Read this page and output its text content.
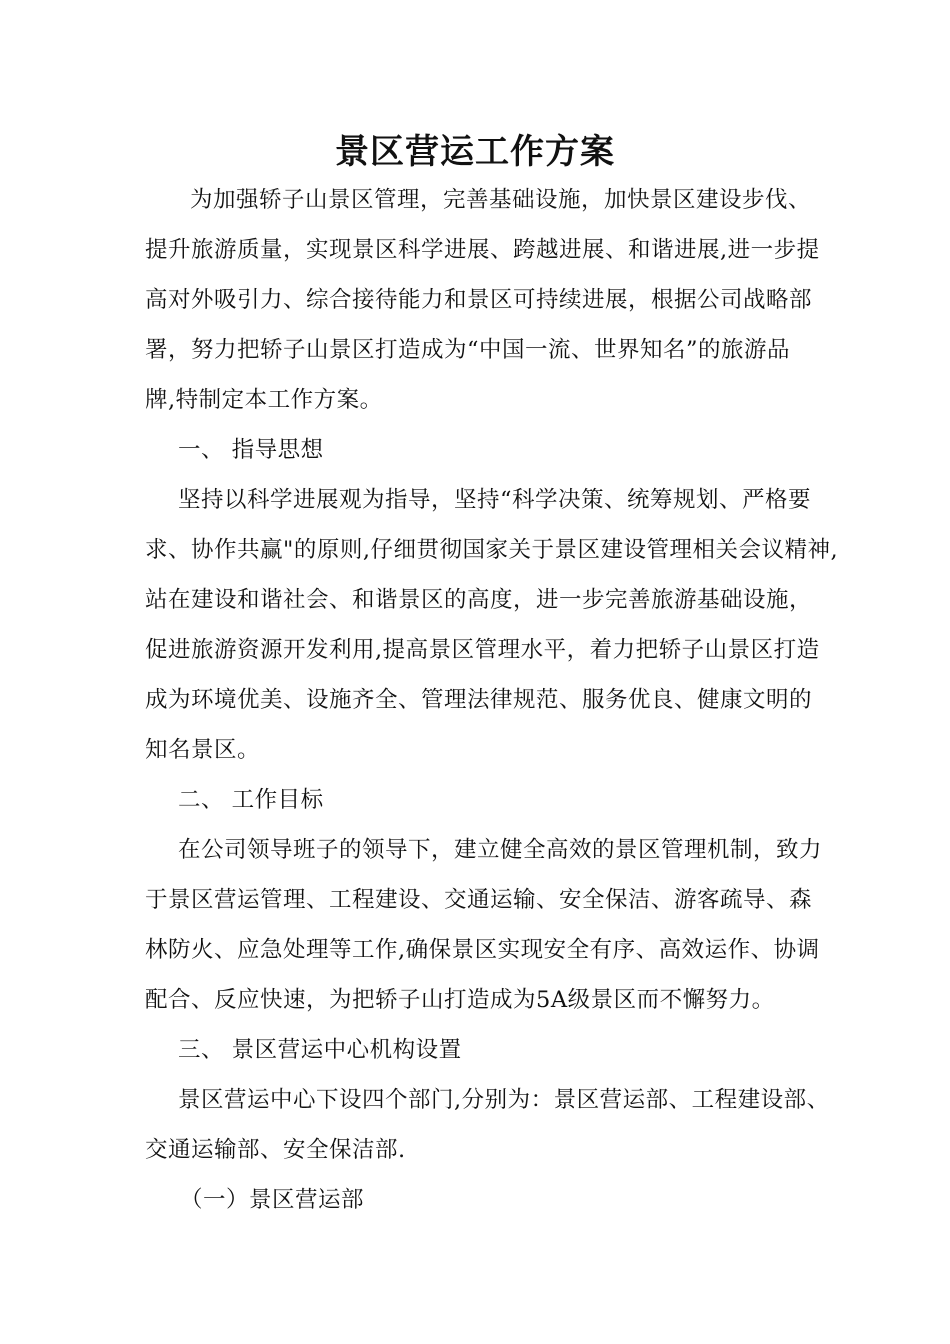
景区营运工作方案
为加强轿子山景区管理，完善基础设施，加快景区建设步伐、
提升旅游质量，实现景区科学进展、跨越进展、和谐进展,进一步提
高对外吸引力、综合接待能力和景区可持续进展，根据公司战略部
署，努力把轿子山景区打造成为“中国一流、世界知名”的旅游品
牌,特制定本工作方案。
一、 指导思想
坚持以科学进展观为指导，坚持“科学决策、统筹规划、严格要
求、协作共赢"的原则,仔细贯彻国家关于景区建设管理相关会议精神,
站在建设和谐社会、和谐景区的高度，进一步完善旅游基础设施，
促进旅游资源开发利用,提高景区管理水平，着力把轿子山景区打造
成为环境优美、设施齐全、管理法律规范、服务优良、健康文明的
知名景区。
二、 工作目标
在公司领导班子的领导下，建立健全高效的景区管理机制，致力
于景区营运管理、工程建设、交通运输、安全保洁、游客疏导、森
林防火、应急处理等工作,确保景区实现安全有序、高效运作、协调
配合、反应快速，为把轿子山打造成为5A级景区而不懈努力。
三、 景区营运中心机构设置
景区营运中心下设四个部门,分别为：景区营运部、工程建设部、
交通运输部、安全保洁部.
（一）景区营运部
